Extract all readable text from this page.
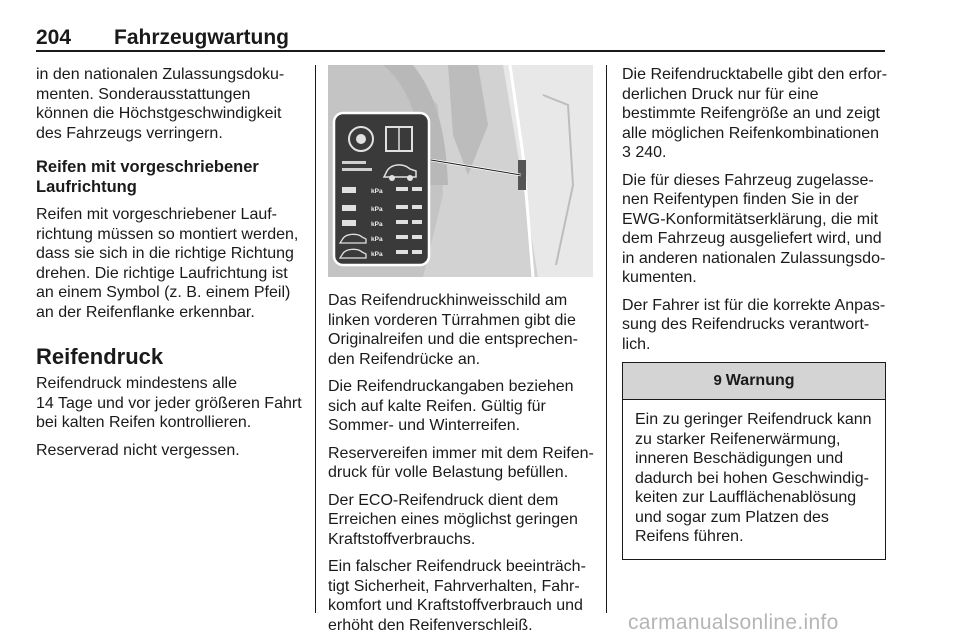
204 Fahrzeugwartung

in den nationalen Zulassungsdoku-
menten. Sonderausstattungen
können die Höchstgeschwindigkeit
des Fahrzeugs verringern.

Reifen mit vorgeschriebener
Laufrichtung

Reifen mit vorgeschriebener Lauf-
richtung müssen so montiert werden,
dass sie sich in die richtige Richtung
drehen. Die richtige Laufrichtung ist
an einem Symbol (z. B. einem Pfeil)
an der Reifenflanke erkennbar.

Reifendruck

Reifendruck mindestens alle
14 Tage und vor jeder größeren Fahrt
bei kalten Reifen kontrollieren.

Reserverad nicht vergessen.

kPa
kPa
kPa
kPa
kPa

Das Reifendruckhinweisschild am
linken vorderen Türrahmen gibt die
Originalreifen und die entsprechen-
den Reifendrücke an.

Die Reifendruckangaben beziehen
sich auf kalte Reifen. Gültig für
Sommer- und Winterreifen.

Reservereifen immer mit dem Reifen-
druck für volle Belastung befüllen.

Der ECO-Reifendruck dient dem
Erreichen eines möglichst geringen
Kraftstoffverbrauchs.

Ein falscher Reifendruck beeinträch-
tigt Sicherheit, Fahrverhalten, Fahr-
komfort und Kraftstoffverbrauch und
erhöht den Reifenverschleiß.

Die Reifendrucktabelle gibt den erfor-
derlichen Druck nur für eine
bestimmte Reifengröße an und zeigt
alle möglichen Reifenkombinationen
3 240.

Die für dieses Fahrzeug zugelasse-
nen Reifentypen finden Sie in der
EWG-Konformitätserklärung, die mit
dem Fahrzeug ausgeliefert wird, und
in anderen nationalen Zulassungsdo-
kumenten.

Der Fahrer ist für die korrekte Anpas-
sung des Reifendrucks verantwort-
lich.

9 Warnung
Ein zu geringer Reifendruck kann
zu starker Reifenerwärmung,
inneren Beschädigungen und
dadurch bei hohen Geschwindig-
keiten zur Laufflächenablösung
und sogar zum Platzen des
Reifens führen.
carmanualsonline.info
